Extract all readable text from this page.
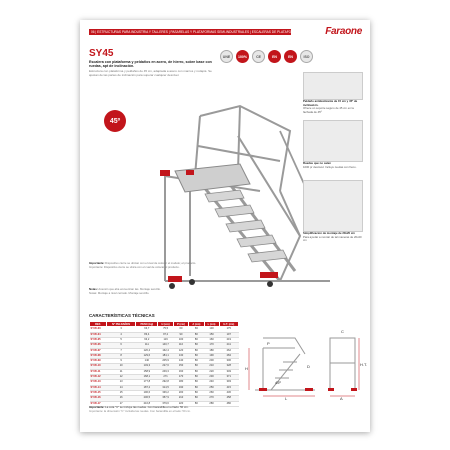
06 | ESTRUCTURAS PARA INDUSTRIA Y TALLERES | PASARELAS Y PLATAFORMAS SEMI-INDUSTRIALES | ESCALERAS DE PLATAFORMA	Faraone
SY45
Escalera con plataforma y peldaños en acero, de hierro, sobre base con ruedas, apt de inclinación.
Estructura con plataforma y peldaños de 45 cm, adaptada a acero con marcos y rodapié. Se ajustan de las partes de inclinación para superar cualquier desnivel.
UNE	100%	CE	EN	EN	ISO
45º
Peldaño antideslizante de 15 cm y 45º de inclinación.
Ofrece un soporte seguro de 45 cm en la fachada de 45º
Ruedas que no salen
1000 pr desnivel. Incluye ruedas con freno.
Simplificacion de montaje de 20x20 cm
Para ayudar a montar de tal maneras de 20x20 cm
Importante: Dispositivo cierre se ubican con el cual de colocar el modelo; el producto.
Importante: Dispositivo cierre se ubica con el cual de colocar el producto.
Notas: Anexión que aba encuentran las. Montaje sencillo.
Notas: Montaje a nivel cerrado. Montaje sencillo.
CARACTERÍSTICAS TÉCNICAS
REF.	Nº PELDAÑOS	PESO (kg)	H (cm)	P (cm)	A (cm)	L (cm)	H.T. (cm)
SY45-03	3	63,7	75,5	60	66	130	175
SY45-04	4	83,4	97,2	90	80	150	197
SY45-05	5	93,2	119	100	80	160	219
SY45-06	6	111	140,7	110	80	170	241
SY45-07	7	120,4	162,4	120	80	180	262
SY45-08	8	129,6	184,1	130	80	190	284
SY45-09	9	140	205,9	140	80	200	306
SY45-10	10	149,3	227,6	150	80	210	328
SY45-11	11	158,9	249,3	160	80	220	349
SY45-12	12	168,1	271	170	80	230	371
SY45-13	13	177,8	292,8	180	80	240	393
SY45-14	14	187,2	314,5	190	80	250	415
SY45-15	15	196,6	336,2	200	80	260	436
SY45-16	16	206,5	357,9	210	80	270	458
SY45-17	17	216,8	379,6	220	80	280	480
H
45º
L	A
P
C
H.T.
D
Importante: La cota "C" se incluye las ruedas. Con barandilla en el lado: 50 cm.
Importante: la dimensión "C" incluida las ruedas. Con barandilla en el lado: 50 cm.
